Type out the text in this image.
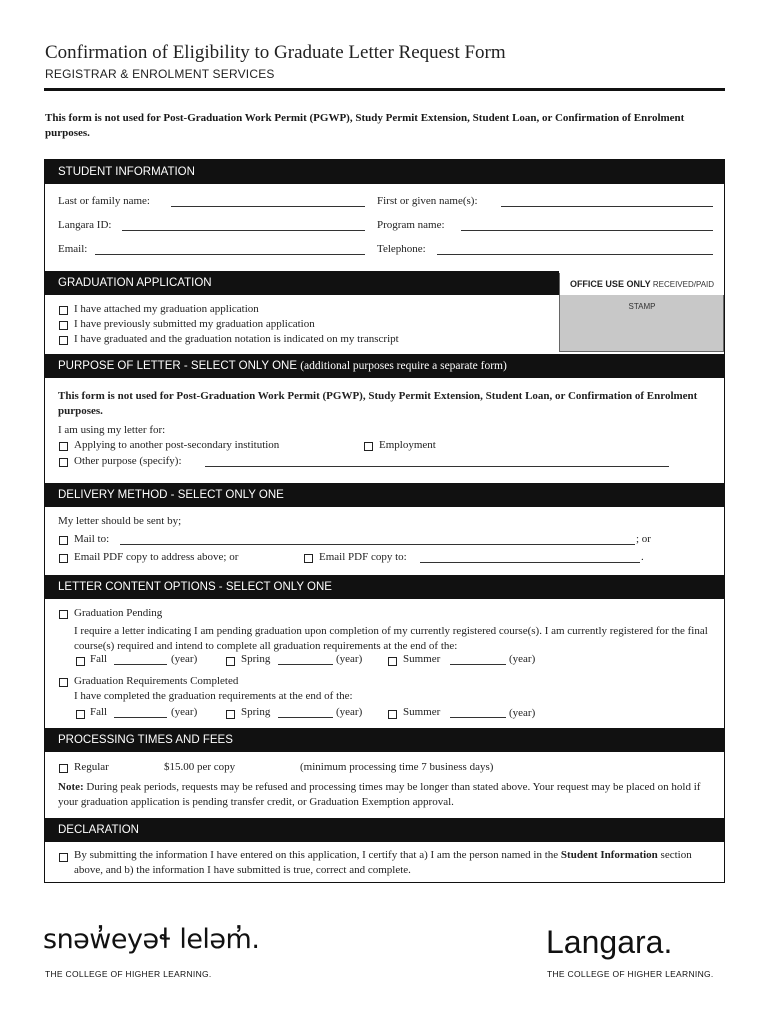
Confirmation of Eligibility to Graduate Letter Request Form
REGISTRAR & ENROLMENT SERVICES
This form is not used for Post-Graduation Work Permit (PGWP), Study Permit Extension, Student Loan, or Confirmation of Enrolment purposes.
STUDENT INFORMATION
Last or family name:	First or given name(s):
Langara ID:	Program name:
Email:	Telephone:
GRADUATION APPLICATION	OFFICE USE ONLY RECEIVED/PAID STAMP
I have attached my graduation application
I have previously submitted my graduation application
I have graduated and the graduation notation is indicated on my transcript
PURPOSE OF LETTER - SELECT ONLY ONE (additional purposes require a separate form)
This form is not used for Post-Graduation Work Permit (PGWP), Study Permit Extension, Student Loan, or Confirmation of Enrolment purposes.
I am using my letter for:
Applying to another post-secondary institution	Employment
Other purpose (specify):
DELIVERY METHOD - SELECT ONLY ONE
My letter should be sent by;
Mail to:	; or
Email PDF copy to address above; or	Email PDF copy to:	.
LETTER CONTENT OPTIONS - SELECT ONLY ONE
Graduation Pending
I require a letter indicating I am pending graduation upon completion of my currently registered course(s). I am currently registered for the final course(s) required and intend to complete all graduation requirements at the end of the:
Fall	(year)	Spring	(year)	Summer	(year)
Graduation Requirements Completed
I have completed the graduation requirements at the end of the:
Fall	(year)	Spring	(year)	Summer	(year)
PROCESSING TIMES AND FEES
Regular	$15.00 per copy	(minimum processing time 7 business days)
Note: During peak periods, requests may be refused and processing times may be longer than stated above. Your request may be placed on hold if your graduation application is pending transfer credit, or Graduation Exemption approval.
DECLARATION
By submitting the information I have entered on this application, I certify that a) I am the person named in the Student Information section above, and b) the information I have submitted is true, correct and complete.
snəw̓eyəɬ leləm̓.
THE COLLEGE OF HIGHER LEARNING.
Langara.
THE COLLEGE OF HIGHER LEARNING.
